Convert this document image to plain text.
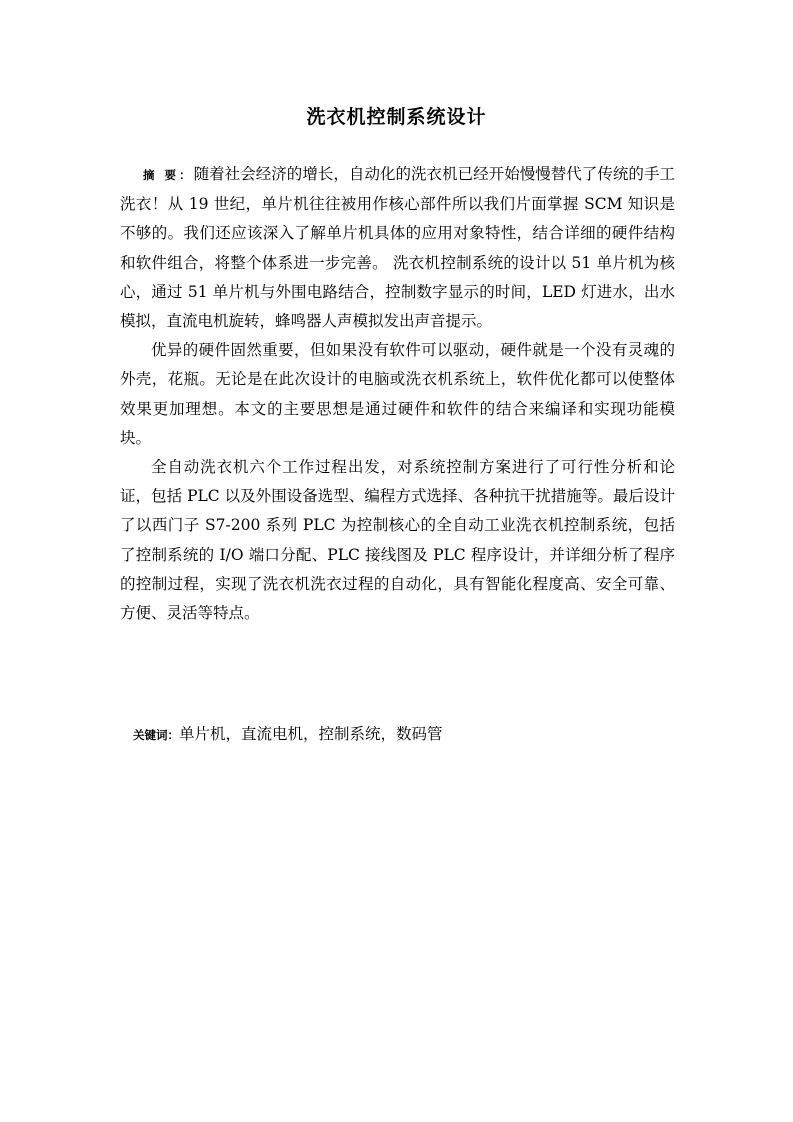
洗衣机控制系统设计

摘 要：随着社会经济的增长，自动化的洗衣机已经开始慢慢替代了传统的手工洗衣！从 19 世纪，单片机往往被用作核心部件所以我们片面掌握 SCM 知识是不够的。我们还应该深入了解单片机具体的应用对象特性，结合详细的硬件结构和软件组合，将整个体系进一步完善。 洗衣机控制系统的设计以 51 单片机为核心，通过 51 单片机与外围电路结合，控制数字显示的时间，LED 灯进水，出水模拟，直流电机旋转，蜂鸣器人声模拟发出声音提示。

优异的硬件固然重要，但如果没有软件可以驱动，硬件就是一个没有灵魂的外壳，花瓶。无论是在此次设计的电脑或洗衣机系统上，软件优化都可以使整体效果更加理想。本文的主要思想是通过硬件和软件的结合来编译和实现功能模块。

全自动洗衣机六个工作过程出发，对系统控制方案进行了可行性分析和论证，包括 PLC 以及外围设备选型、编程方式选择、各种抗干扰措施等。最后设计了以西门子 S7-200 系列 PLC 为控制核心的全自动工业洗衣机控制系统，包括了控制系统的 I/O 端口分配、PLC 接线图及 PLC 程序设计，并详细分析了程序的控制过程，实现了洗衣机洗衣过程的自动化，具有智能化程度高、安全可靠、方便、灵活等特点。

关键词：单片机，直流电机，控制系统，数码管
